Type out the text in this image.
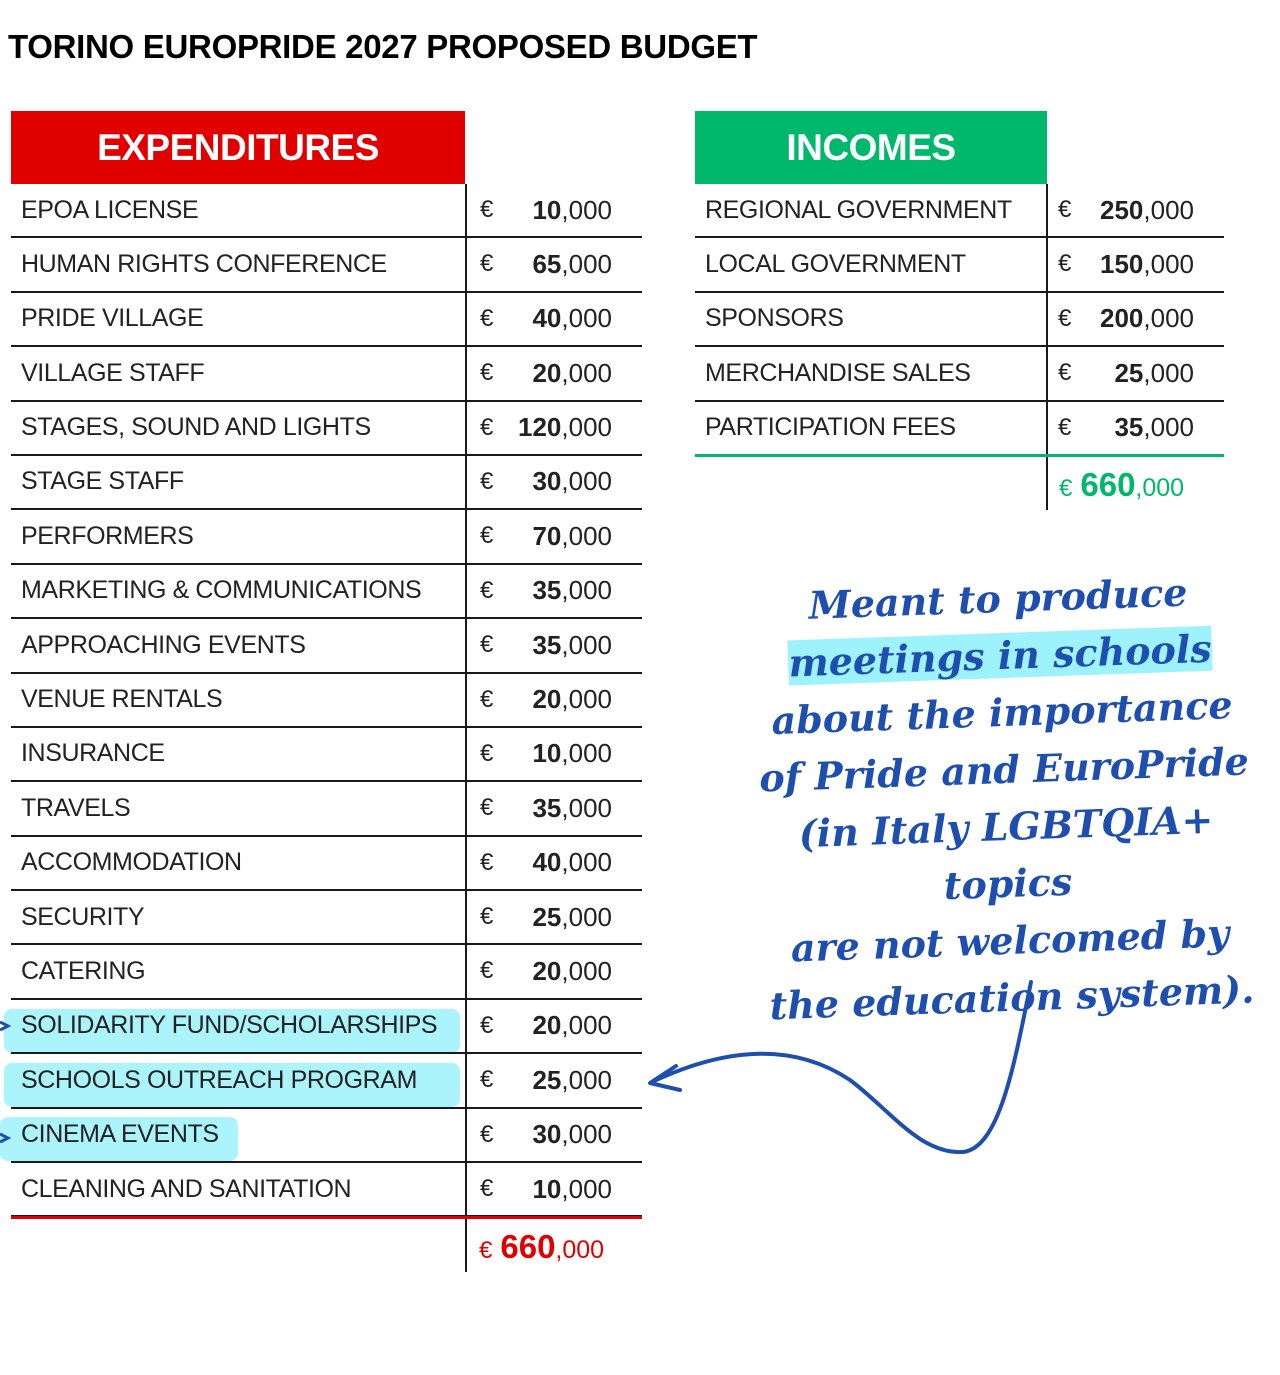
TORINO EUROPRIDE 2027 PROPOSED BUDGET
EXPENDITURES
EPOA LICENSE	€ 10 ,000
HUMAN RIGHTS CONFERENCE	€ 65 ,000
PRIDE VILLAGE	€ 40 ,000
VILLAGE STAFF	€ 20 ,000
STAGES, SOUND AND LIGHTS	€ 120 ,000
STAGE STAFF	€ 30 ,000
PERFORMERS	€ 70 ,000
MARKETING & COMMUNICATIONS € 35 ,000
APPROACHING EVENTS	€ 35 ,000
VENUE RENTALS	€ 20 ,000
INSURANCE	€ 10 ,000
TRAVELS	€ 35 ,000
ACCOMMODATION	€ 40 ,000
SECURITY	€ 25 ,000
CATERING	€ 20 ,000
SOLIDARITY FUND/SCHOLARSHIPS € 20 ,000
SCHOOLS OUTREACH PROGRAM	€ 25 ,000
CINEMA EVENTS	€ 30 ,000
CLEANING AND SANITATION	€ 10 ,000
€ 660 ,000
INCOMES
REGIONAL GOVERNMENT € 250 ,000
LOCAL GOVERNMENT	€ 150 ,000
SPONSORS	€ 200 ,000
MERCHANDISE SALES	€ 25 ,000
PARTICIPATION FEES	€ 35 ,000
€ 660 ,000

Meant to produce
meetings in schools
about the importance
of Pride and EuroPride
(in Italy LGBTQIA+ topics
are not welcomed by
the education system).
